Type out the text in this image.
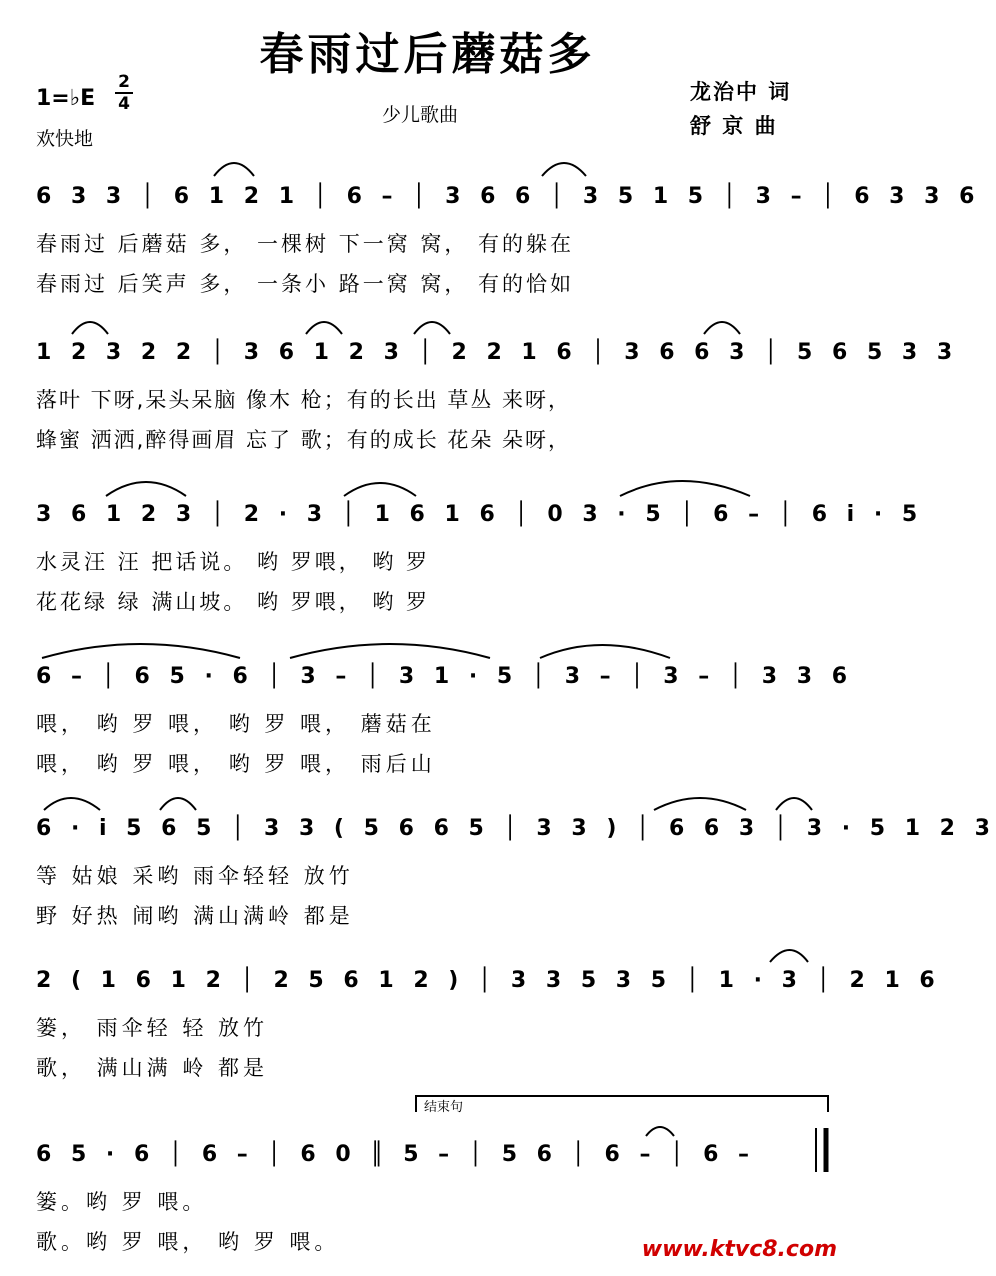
春雨过后蘑菇多
1=♭E
2
4
欢快地
少儿歌曲
龙治中 词
舒 京 曲
6 3 3 │ 6 1 2 1 │ 6 – │ 3 6 6 │ 3 5 1 5 │ 3 – │ 6 3 3 6
春雨过 后蘑菇 多， 一棵树 下一窝 窝， 有的躲在
春雨过 后笑声 多， 一条小 路一窝 窝， 有的恰如
1 2 3 2 2 │ 3 6 1 2 3 │ 2 2 1 6 │ 3 6 6 3 │ 5 6 5 3 3
落叶 下呀,呆头呆脑 像木 枪；有的长出 草丛 来呀，
蜂蜜 洒洒,醉得画眉 忘了 歌；有的成长 花朵 朵呀，
3 6 1 2 3 │ 2 · 3 │ 1 6 1 6 │ 0 3 · 5 │ 6 – │ 6 i · 5
水灵汪 汪 把话说。 哟 罗喂， 哟 罗
花花绿 绿 满山坡。 哟 罗喂， 哟 罗
6 – │ 6 5 · 6 │ 3 – │ 3 1 · 5 │ 3 – │ 3 – │ 3 3 6
喂， 哟 罗 喂， 哟 罗 喂， 蘑菇在
喂， 哟 罗 喂， 哟 罗 喂， 雨后山
6 · i 5 6 5 │ 3 3 ( 5 6 6 5 │ 3 3 ) │ 6 6 3 │ 3 · 5 1 2 3
等 姑娘 采哟 雨伞轻轻 放竹
野 好热 闹哟 满山满岭 都是
2 ( 1 6 1 2 │ 2 5 6 1 2 ) │ 3 3 5 3 5 │ 1 · 3 │ 2 1 6
篓， 雨伞轻 轻 放竹
歌， 满山满 岭 都是
结束句
6 5 · 6 │ 6 – │ 6 0 ║ 5 – │ 5 6 │ 6 – │ 6 –
篓。哟 罗 喂。
歌。哟 罗 喂， 哟 罗 喂。	www.ktvc8.com
